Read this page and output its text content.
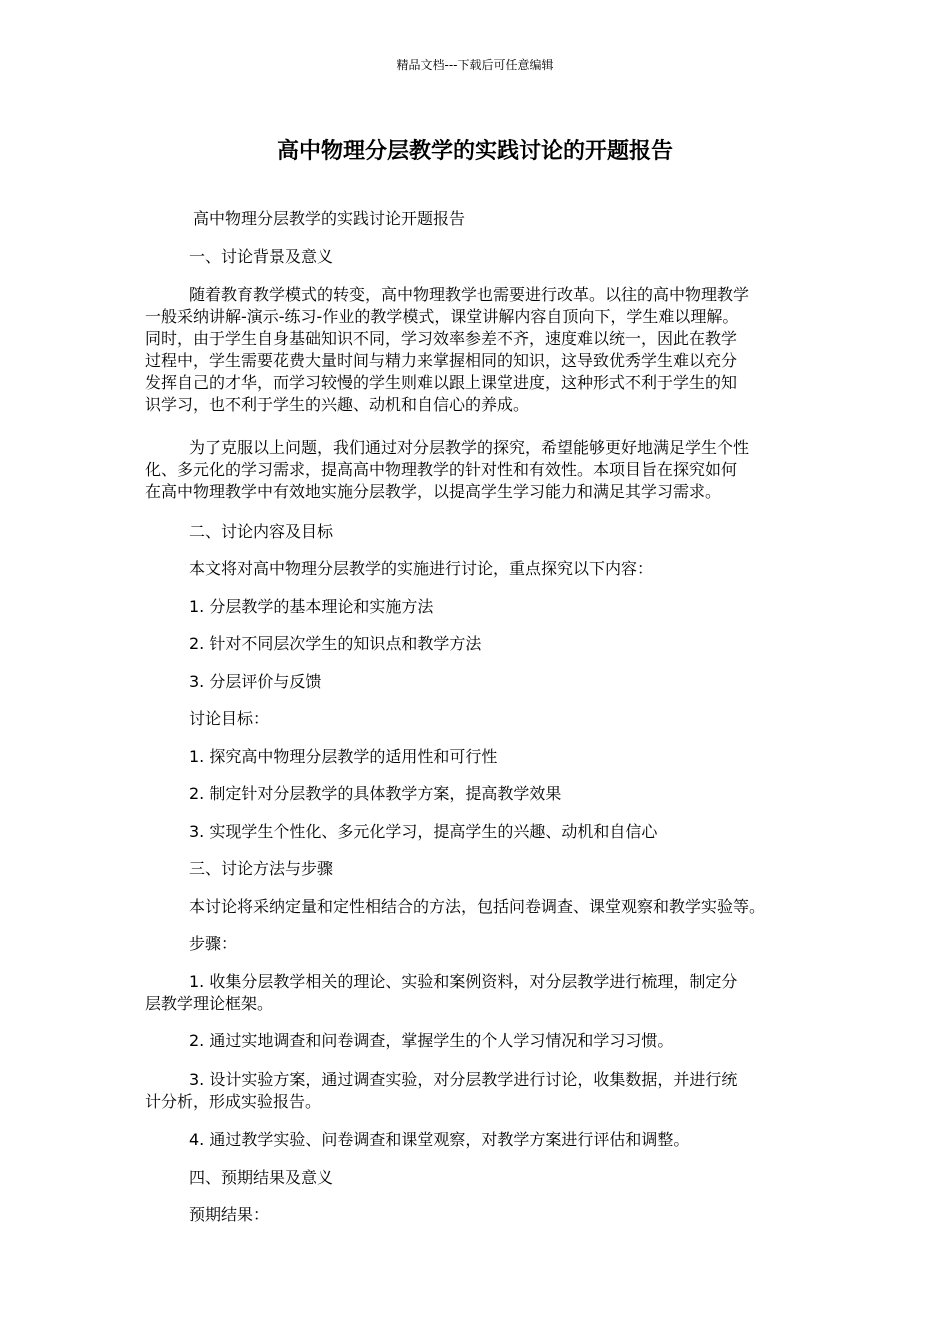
精品文档---下载后可任意编辑
高中物理分层教学的实践讨论的开题报告

高中物理分层教学的实践讨论开题报告

一、讨论背景及意义

随着教育教学模式的转变，高中物理教学也需要进行改革。以往的高中物理教学
一般采纳讲解-演示-练习-作业的教学模式，课堂讲解内容自顶向下，学生难以理解。
同时，由于学生自身基础知识不同，学习效率参差不齐，速度难以统一，因此在教学
过程中，学生需要花费大量时间与精力来掌握相同的知识，这导致优秀学生难以充分
发挥自己的才华，而学习较慢的学生则难以跟上课堂进度，这种形式不利于学生的知
识学习，也不利于学生的兴趣、动机和自信心的养成。
为了克服以上问题，我们通过对分层教学的探究，希望能够更好地满足学生个性
化、多元化的学习需求，提高高中物理教学的针对性和有效性。本项目旨在探究如何
在高中物理教学中有效地实施分层教学，以提高学生学习能力和满足其学习需求。

二、讨论内容及目标

本文将对高中物理分层教学的实施进行讨论，重点探究以下内容：

1. 分层教学的基本理论和实施方法

2. 针对不同层次学生的知识点和教学方法

3. 分层评价与反馈

讨论目标：

1. 探究高中物理分层教学的适用性和可行性

2. 制定针对分层教学的具体教学方案，提高教学效果

3. 实现学生个性化、多元化学习，提高学生的兴趣、动机和自信心

三、讨论方法与步骤

本讨论将采纳定量和定性相结合的方法，包括问卷调查、课堂观察和教学实验等。

步骤：

1. 收集分层教学相关的理论、实验和案例资料，对分层教学进行梳理，制定分
层教学理论框架。

2. 通过实地调查和问卷调查，掌握学生的个人学习情况和学习习惯。

3. 设计实验方案，通过调查实验，对分层教学进行讨论，收集数据，并进行统
计分析，形成实验报告。

4. 通过教学实验、问卷调查和课堂观察，对教学方案进行评估和调整。

四、预期结果及意义

预期结果：
